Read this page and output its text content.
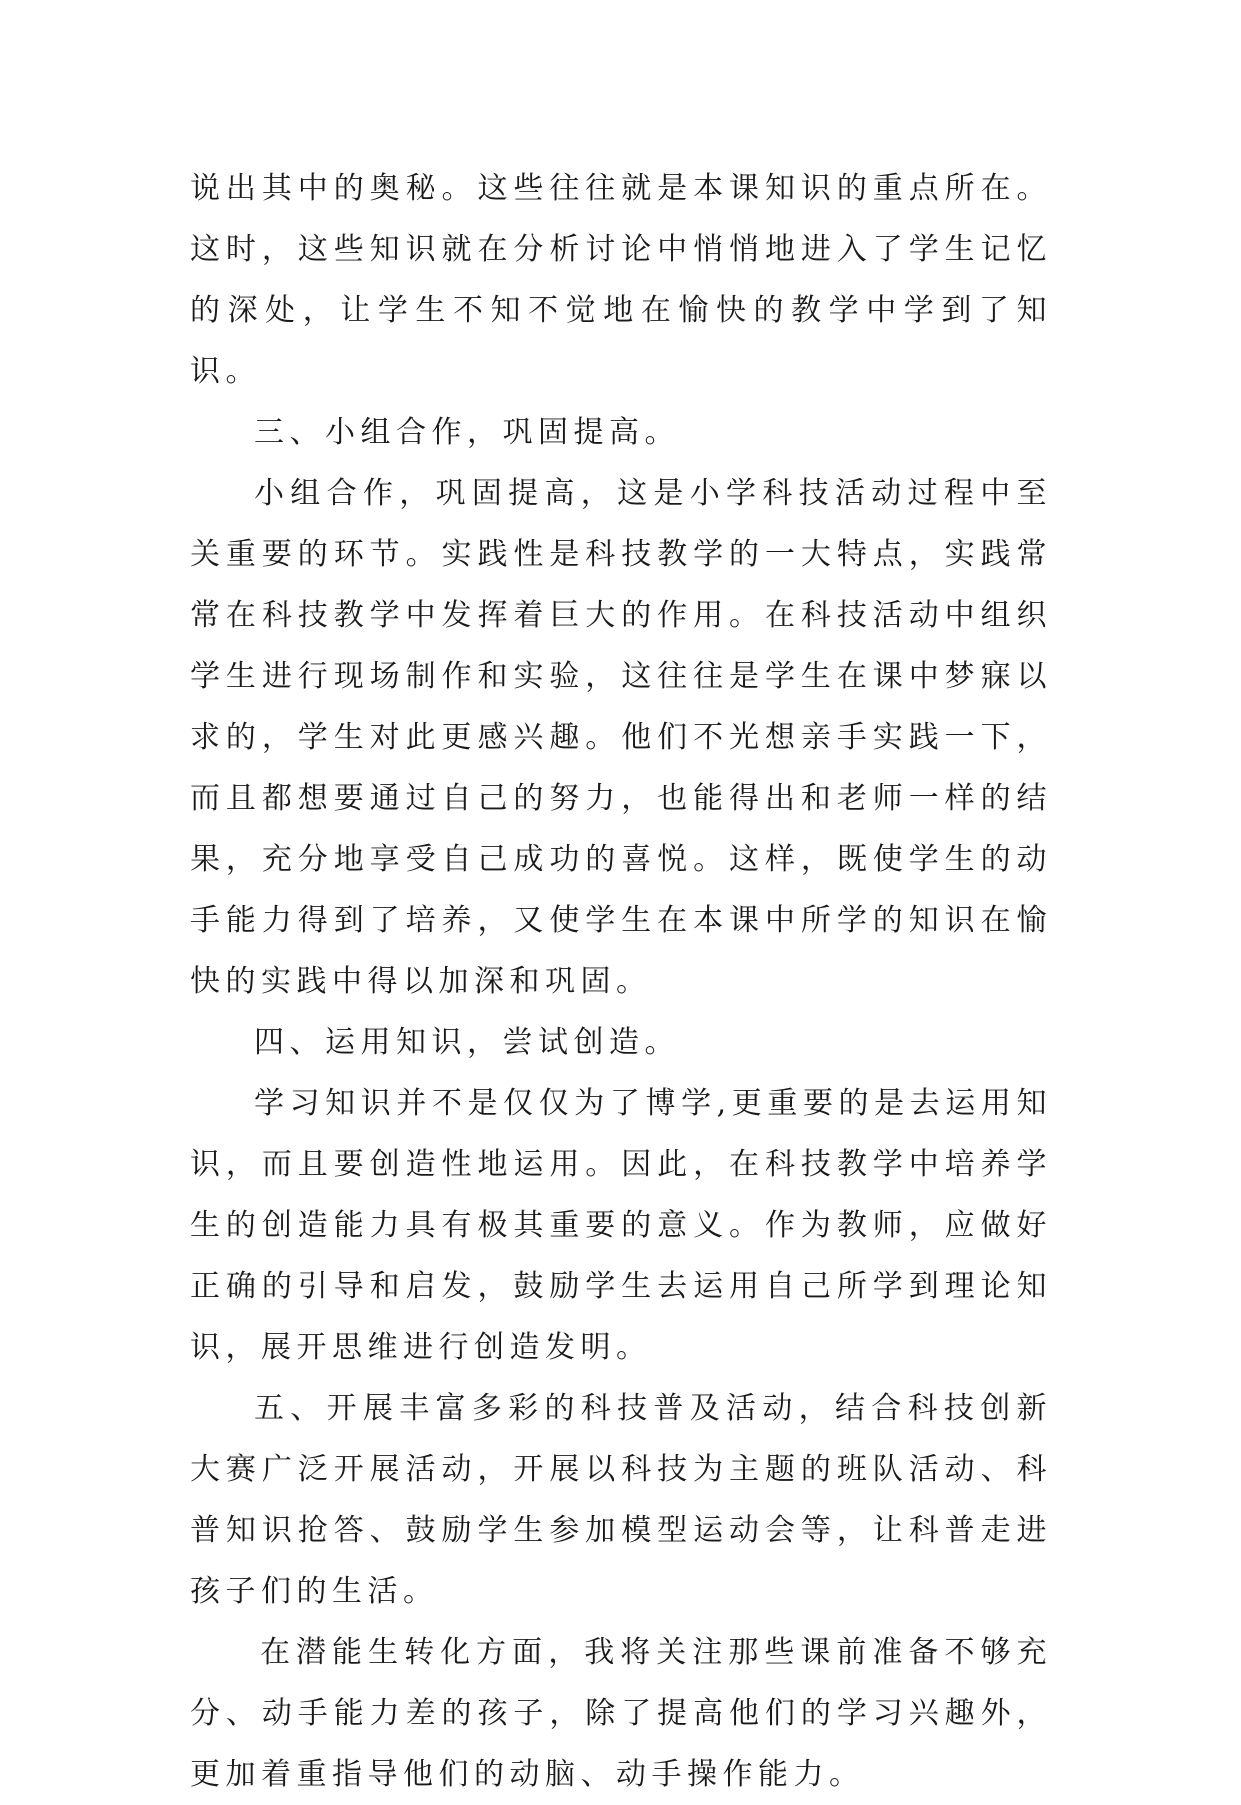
说出其中的奥秘。这些往往就是本课知识的重点所在。这时，这些知识就在分析讨论中悄悄地进入了学生记忆的深处，让学生不知不觉地在愉快的教学中学到了知识。

三、小组合作，巩固提高。

小组合作，巩固提高，这是小学科技活动过程中至关重要的环节。实践性是科技教学的一大特点，实践常常在科技教学中发挥着巨大的作用。在科技活动中组织学生进行现场制作和实验，这往往是学生在课中梦寐以求的，学生对此更感兴趣。他们不光想亲手实践一下，而且都想要通过自己的努力，也能得出和老师一样的结果，充分地享受自己成功的喜悦。这样，既使学生的动手能力得到了培养，又使学生在本课中所学的知识在愉快的实践中得以加深和巩固。

四、运用知识，尝试创造。

学习知识并不是仅仅为了博学,更重要的是去运用知识，而且要创造性地运用。因此，在科技教学中培养学生的创造能力具有极其重要的意义。作为教师，应做好正确的引导和启发，鼓励学生去运用自己所学到理论知识，展开思维进行创造发明。

五、开展丰富多彩的科技普及活动，结合科技创新大赛广泛开展活动，开展以科技为主题的班队活动、科普知识抢答、鼓励学生参加模型运动会等，让科普走进孩子们的生活。

在潜能生转化方面，我将关注那些课前准备不够充分、动手能力差的孩子，除了提高他们的学习兴趣外，更加着重指导他们的动脑、动手操作能力。
